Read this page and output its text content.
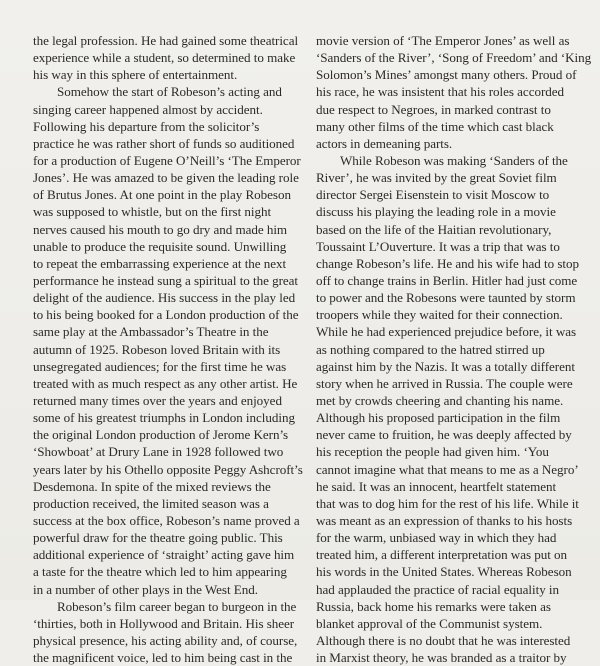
the legal profession. He had gained some theatrical
experience while a student, so determined to make
his way in this sphere of entertainment.
Somehow the start of Robeson’s acting and
singing career happened almost by accident.
Following his departure from the solicitor’s
practice he was rather short of funds so auditioned
for a production of Eugene O’Neill’s ‘The Emperor
Jones’. He was amazed to be given the leading role
of Brutus Jones. At one point in the play Robeson
was supposed to whistle, but on the first night
nerves caused his mouth to go dry and made him
unable to produce the requisite sound. Unwilling
to repeat the embarrassing experience at the next
performance he instead sung a spiritual to the great
delight of the audience. His success in the play led
to his being booked for a London production of the
same play at the Ambassador’s Theatre in the
autumn of 1925. Robeson loved Britain with its
unsegregated audiences; for the first time he was
treated with as much respect as any other artist. He
returned many times over the years and enjoyed
some of his greatest triumphs in London including
the original London production of Jerome Kern’s
‘Showboat’ at Drury Lane in 1928 followed two
years later by his Othello opposite Peggy Ashcroft’s
Desdemona. In spite of the mixed reviews the
production received, the limited season was a
success at the box office, Robeson’s name proved a
powerful draw for the theatre going public. This
additional experience of ‘straight’ acting gave him
a taste for the theatre which led to him appearing
in a number of other plays in the West End.
Robeson’s film career began to burgeon in the
‘thirties, both in Hollywood and Britain. His sheer
physical presence, his acting ability and, of course,
the magnificent voice, led to him being cast in the
movie version of ‘The Emperor Jones’ as well as
‘Sanders of the River’, ‘Song of Freedom’ and ‘King
Solomon’s Mines’ amongst many others. Proud of
his race, he was insistent that his roles accorded
due respect to Negroes, in marked contrast to
many other films of the time which cast black
actors in demeaning parts.
While Robeson was making ‘Sanders of the
River’, he was invited by the great Soviet film
director Sergei Eisenstein to visit Moscow to
discuss his playing the leading role in a movie
based on the life of the Haitian revolutionary,
Toussaint L’Ouverture. It was a trip that was to
change Robeson’s life. He and his wife had to stop
off to change trains in Berlin. Hitler had just come
to power and the Robesons were taunted by storm
troopers while they waited for their connection.
While he had experienced prejudice before, it was
as nothing compared to the hatred stirred up
against him by the Nazis. It was a totally different
story when he arrived in Russia. The couple were
met by crowds cheering and chanting his name.
Although his proposed participation in the film
never came to fruition, he was deeply affected by
his reception the people had given him. ‘You
cannot imagine what that means to me as a Negro’
he said. It was an innocent, heartfelt statement
that was to dog him for the rest of his life. While it
was meant as an expression of thanks to his hosts
for the warm, unbiased way in which they had
treated him, a different interpretation was put on
his words in the United States. Whereas Robeson
had applauded the practice of racial equality in
Russia, back home his remarks were taken as
blanket approval of the Communist system.
Although there is no doubt that he was interested
in Marxist theory, he was branded as a traitor by
